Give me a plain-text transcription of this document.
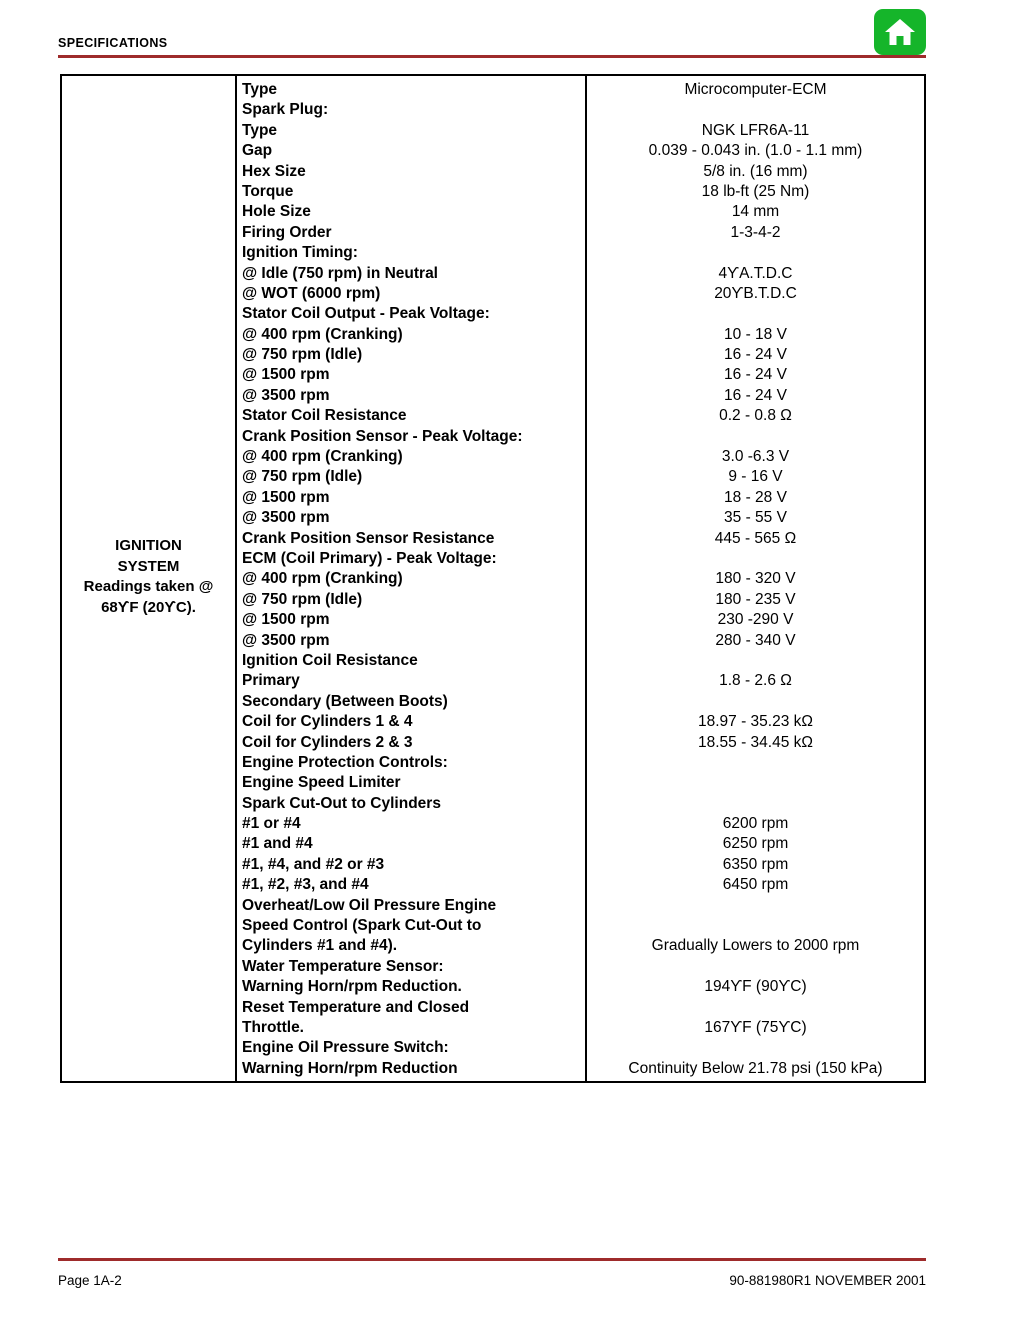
SPECIFICATIONS
IGNITION
SYSTEM
Readings taken @
68ϒF (20ϒC).
Type
Spark Plug:
Type
Gap
Hex Size
Torque
Hole Size
Firing Order
Ignition Timing:
@ Idle (750 rpm) in Neutral
@ WOT (6000 rpm)
Stator Coil Output - Peak Voltage:
@ 400 rpm (Cranking)
@ 750 rpm (Idle)
@ 1500 rpm
@ 3500 rpm
Stator Coil Resistance
Crank Position Sensor - Peak Voltage:
@ 400 rpm (Cranking)
@ 750 rpm (Idle)
@ 1500 rpm
@ 3500 rpm
Crank Position Sensor Resistance
ECM (Coil Primary) - Peak Voltage:
@ 400 rpm (Cranking)
@ 750 rpm (Idle)
@ 1500 rpm
@ 3500 rpm
Ignition Coil Resistance
Primary
Secondary (Between Boots)
Coil for Cylinders 1 & 4
Coil for Cylinders 2 & 3
Engine Protection Controls:
Engine Speed Limiter
Spark Cut-Out to Cylinders
#1 or #4
#1 and #4
#1, #4, and #2 or #3
#1, #2, #3, and #4
Overheat/Low Oil Pressure Engine
Speed Control (Spark Cut-Out to
Cylinders #1 and #4).
Water Temperature Sensor:
Warning Horn/rpm Reduction.
Reset Temperature and Closed
Throttle.
Engine Oil Pressure Switch:
Warning Horn/rpm Reduction
Microcomputer-ECM

NGK LFR6A-11
0.039 - 0.043 in. (1.0 - 1.1 mm)
5/8 in. (16 mm)
18 lb-ft (25 Nm)
14 mm
1-3-4-2

4ϒA.T.D.C
20ϒB.T.D.C

10 - 18 V
16 - 24 V
16 - 24 V
16 - 24 V
0.2 - 0.8 Ω

3.0 -6.3 V
9 - 16 V
18 - 28 V
35 - 55 V
445 - 565 Ω

180 - 320 V
180 - 235 V
230 -290 V
280 - 340 V

1.8 - 2.6 Ω

18.97 - 35.23 kΩ
18.55 - 34.45 kΩ

6200 rpm
6250 rpm
6350 rpm
6450 rpm

Gradually Lowers to 2000 rpm

194ϒF (90ϒC)

167ϒF (75ϒC)

Continuity Below 21.78 psi (150 kPa)
Page 1A-2	90-881980R1 NOVEMBER 2001
